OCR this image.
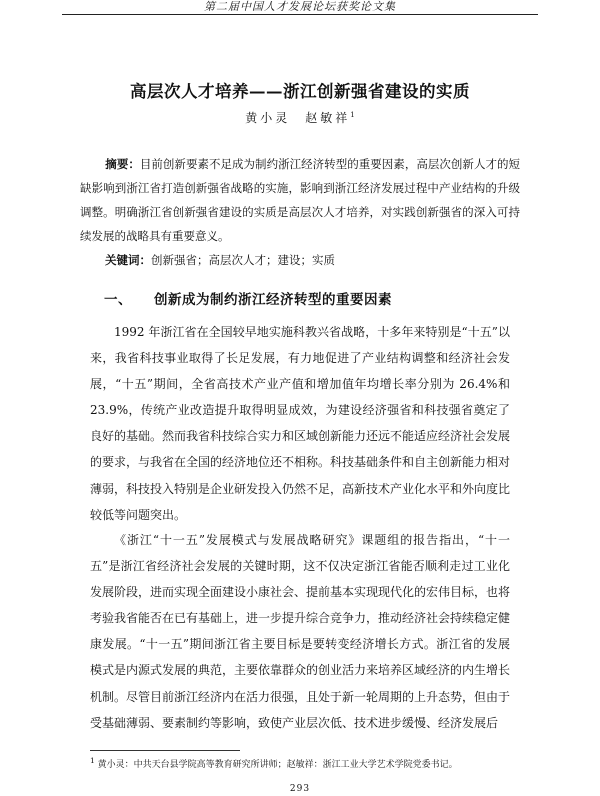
第二届中国人才发展论坛获奖论文集
高层次人才培养——浙江创新强省建设的实质
黄小灵　赵敏祥$^1$

摘要：目前创新要素不足成为制约浙江经济转型的重要因素，高层次创新人才的短缺影响到浙江省打造创新强省战略的实施，影响到浙江经济发展过程中产业结构的升级调整。明确浙江省创新强省建设的实质是高层次人才培养，对实践创新强省的深入可持续发展的战略具有重要意义。

关键词：创新强省；高层次人才；建设；实质

一、 创新成为制约浙江经济转型的重要因素

1992 年浙江省在全国较早地实施科教兴省战略，十多年来特别是“十五”以来，我省科技事业取得了长足发展，有力地促进了产业结构调整和经济社会发展，“十五”期间，全省高技术产业产值和增加值年均增长率分别为 26.4%和 23.9%，传统产业改造提升取得明显成效，为建设经济强省和科技强省奠定了良好的基础。然而我省科技综合实力和区域创新能力还远不能适应经济社会发展的要求，与我省在全国的经济地位还不相称。科技基础条件和自主创新能力相对薄弱，科技投入特别是企业研发投入仍然不足，高新技术产业化水平和外向度比较低等问题突出。

《浙江“十一五”发展模式与发展战略研究》课题组的报告指出，“十一五”是浙江省经济社会发展的关键时期，这不仅决定浙江省能否顺利走过工业化发展阶段，进而实现全面建设小康社会、提前基本实现现代化的宏伟目标，也将考验我省能否在已有基础上，进一步提升综合竞争力，推动经济社会持续稳定健康发展。“十一五”期间浙江省主要目标是要转变经济增长方式。浙江省的发展模式是内源式发展的典范，主要依靠群众的创业活力来培养区域经济的内生增长机制。尽管目前浙江经济内在活力很强，且处于新一轮周期的上升态势，但由于受基础薄弱、要素制约等影响，致使产业层次低、技术进步缓慢、经济发展后

$^1$ 黄小灵：中共天台县学院高等教育研究所讲师；赵敏祥：浙江工业大学艺术学院党委书记。

293
